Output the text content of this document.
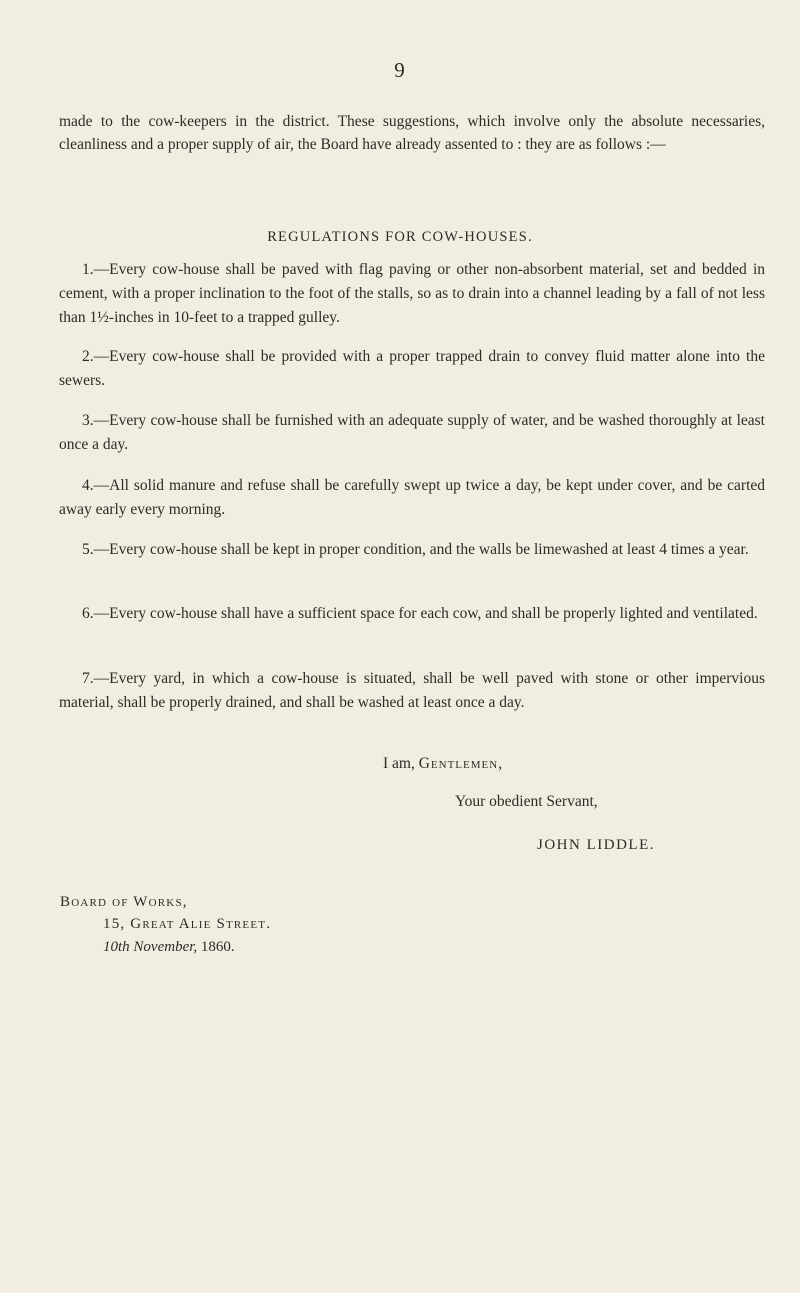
9

made to the cow-keepers in the district. These suggestions, which involve only the absolute necessaries, cleanliness and a proper supply of air, the Board have already assented to : they are as follows :—

REGULATIONS FOR COW-HOUSES.

1.—Every cow-house shall be paved with flag paving or other non-absorbent material, set and bedded in cement, with a proper inclination to the foot of the stalls, so as to drain into a channel leading by a fall of not less than 1½-inches in 10-feet to a trapped gulley.

2.—Every cow-house shall be provided with a proper trapped drain to convey fluid matter alone into the sewers.

3.—Every cow-house shall be furnished with an adequate supply of water, and be washed thoroughly at least once a day.

4.—All solid manure and refuse shall be carefully swept up twice a day, be kept under cover, and be carted away early every morning.

5.—Every cow-house shall be kept in proper condition, and the walls be limewashed at least 4 times a year.

6.—Every cow-house shall have a sufficient space for each cow, and shall be properly lighted and ventilated.

7.—Every yard, in which a cow-house is situated, shall be well paved with stone or other impervious material, shall be properly drained, and shall be washed at least once a day.

I am, Gentlemen,
Your obedient Servant,
JOHN LIDDLE.
Board of Works,
15, Great Alie Street.
10th November, 1860.
